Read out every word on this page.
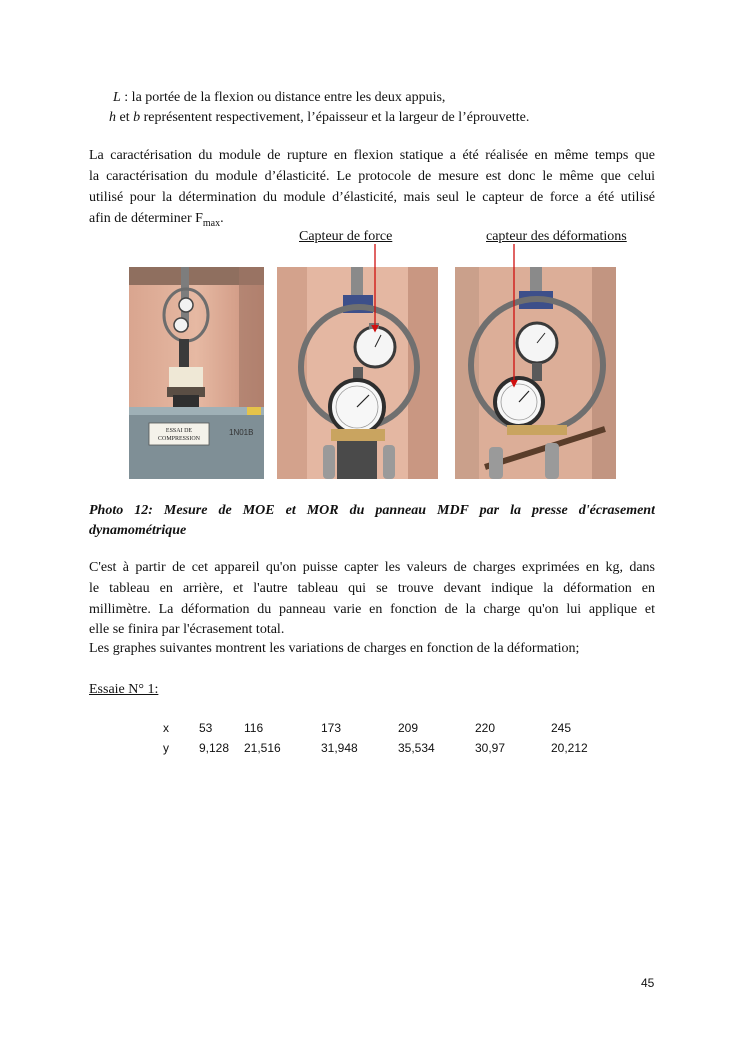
L : la portée de la flexion ou distance entre les deux appuis,
h et b représentent respectivement, l’épaisseur et la largeur de l’éprouvette.
La caractérisation du module de rupture en flexion statique a été réalisée en même temps que
la caractérisation du module d’élasticité. Le protocole de mesure est donc le même que celui
utilisé pour la détermination du module d’élasticité, mais seul le capteur de force a été utilisé
afin de déterminer $F_{max}$.
Capteur de force	capteur des déformations
ESSAI DE
COMPRESSION
1N01B
Photo 12: Mesure de MOE et MOR du panneau MDF par la presse d'écrasement
dynamométrique
C'est à partir de cet appareil qu'on puisse capter les valeurs de charges exprimées en kg, dans
le tableau en arrière, et l'autre tableau qui se trouve devant indique la déformation en
millimètre. La déformation du panneau varie en fonction de la charge qu'on lui applique et
elle se finira par l'écrasement total.
Les graphes suivantes montrent les variations de charges en fonction de la déformation;
Essaie N° 1:
x	53	116	173	209	220	245
y	9,128	21,516	31,948	35,534	30,97	20,212
45
